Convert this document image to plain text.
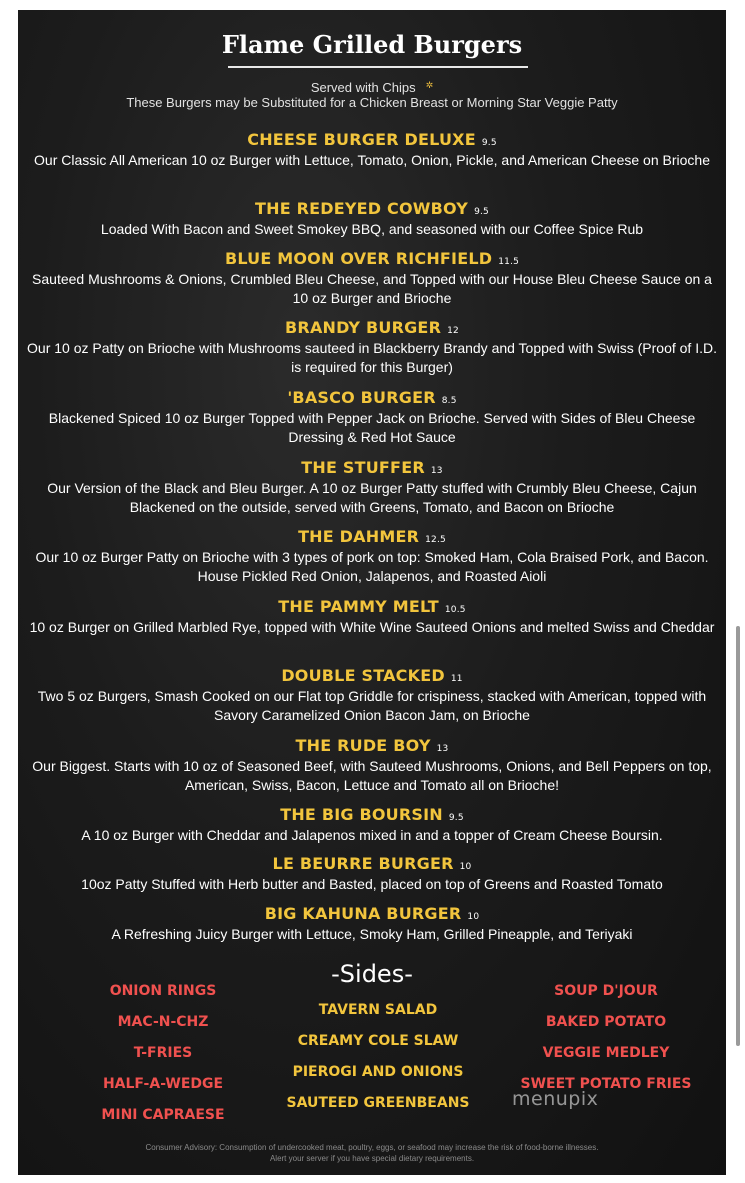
Flame Grilled Burgers
Served with Chips ✲
These Burgers may be Substituted for a Chicken Breast or Morning Star Veggie Patty
CHEESE BURGER DELUXE 9.5
Our Classic All American 10 oz Burger with Lettuce, Tomato, Onion, Pickle, and American Cheese on Brioche
THE REDEYED COWBOY 9.5
Loaded With Bacon and Sweet Smokey BBQ, and seasoned with our Coffee Spice Rub
BLUE MOON OVER RICHFIELD 11.5
Sauteed Mushrooms & Onions, Crumbled Bleu Cheese, and Topped with our House Bleu Cheese Sauce on a 10 oz Burger and Brioche
BRANDY BURGER 12
Our 10 oz Patty on Brioche with Mushrooms sauteed in Blackberry Brandy and Topped with Swiss (Proof of I.D. is required for this Burger)
'BASCO BURGER 8.5
Blackened Spiced 10 oz Burger Topped with Pepper Jack on Brioche. Served with Sides of Bleu Cheese Dressing & Red Hot Sauce
THE STUFFER 13
Our Version of the Black and Bleu Burger. A 10 oz Burger Patty stuffed with Crumbly Bleu Cheese, Cajun Blackened on the outside, served with Greens, Tomato, and Bacon on Brioche
THE DAHMER 12.5
Our 10 oz Burger Patty on Brioche with 3 types of pork on top: Smoked Ham, Cola Braised Pork, and Bacon. House Pickled Red Onion, Jalapenos, and Roasted Aioli
THE PAMMY MELT 10.5
10 oz Burger on Grilled Marbled Rye, topped with White Wine Sauteed Onions and melted Swiss and Cheddar
DOUBLE STACKED 11
Two 5 oz Burgers, Smash Cooked on our Flat top Griddle for crispiness, stacked with American, topped with Savory Caramelized Onion Bacon Jam, on Brioche
THE RUDE BOY 13
Our Biggest. Starts with 10 oz of Seasoned Beef, with Sauteed Mushrooms, Onions, and Bell Peppers on top, American, Swiss, Bacon, Lettuce and Tomato all on Brioche!
THE BIG BOURSIN 9.5
A 10 oz Burger with Cheddar and Jalapenos mixed in and a topper of Cream Cheese Boursin.
LE BEURRE BURGER 10
10oz Patty Stuffed with Herb butter and Basted, placed on top of Greens and Roasted Tomato
BIG KAHUNA BURGER 10
A Refreshing Juicy Burger with Lettuce, Smoky Ham, Grilled Pineapple, and Teriyaki
-Sides-
ONION RINGS
MAC-N-CHZ
T-FRIES
HALF-A-WEDGE
MINI CAPRAESE
TAVERN SALAD
CREAMY COLE SLAW
PIEROGI AND ONIONS
SAUTEED GREENBEANS
SOUP D'JOUR
BAKED POTATO
VEGGIE MEDLEY
SWEET POTATO FRIES
menupix
Consumer Advisory: Consumption of undercooked meat, poultry, eggs, or seafood may increase the risk of food-borne illnesses.
Alert your server if you have special dietary requirements.
